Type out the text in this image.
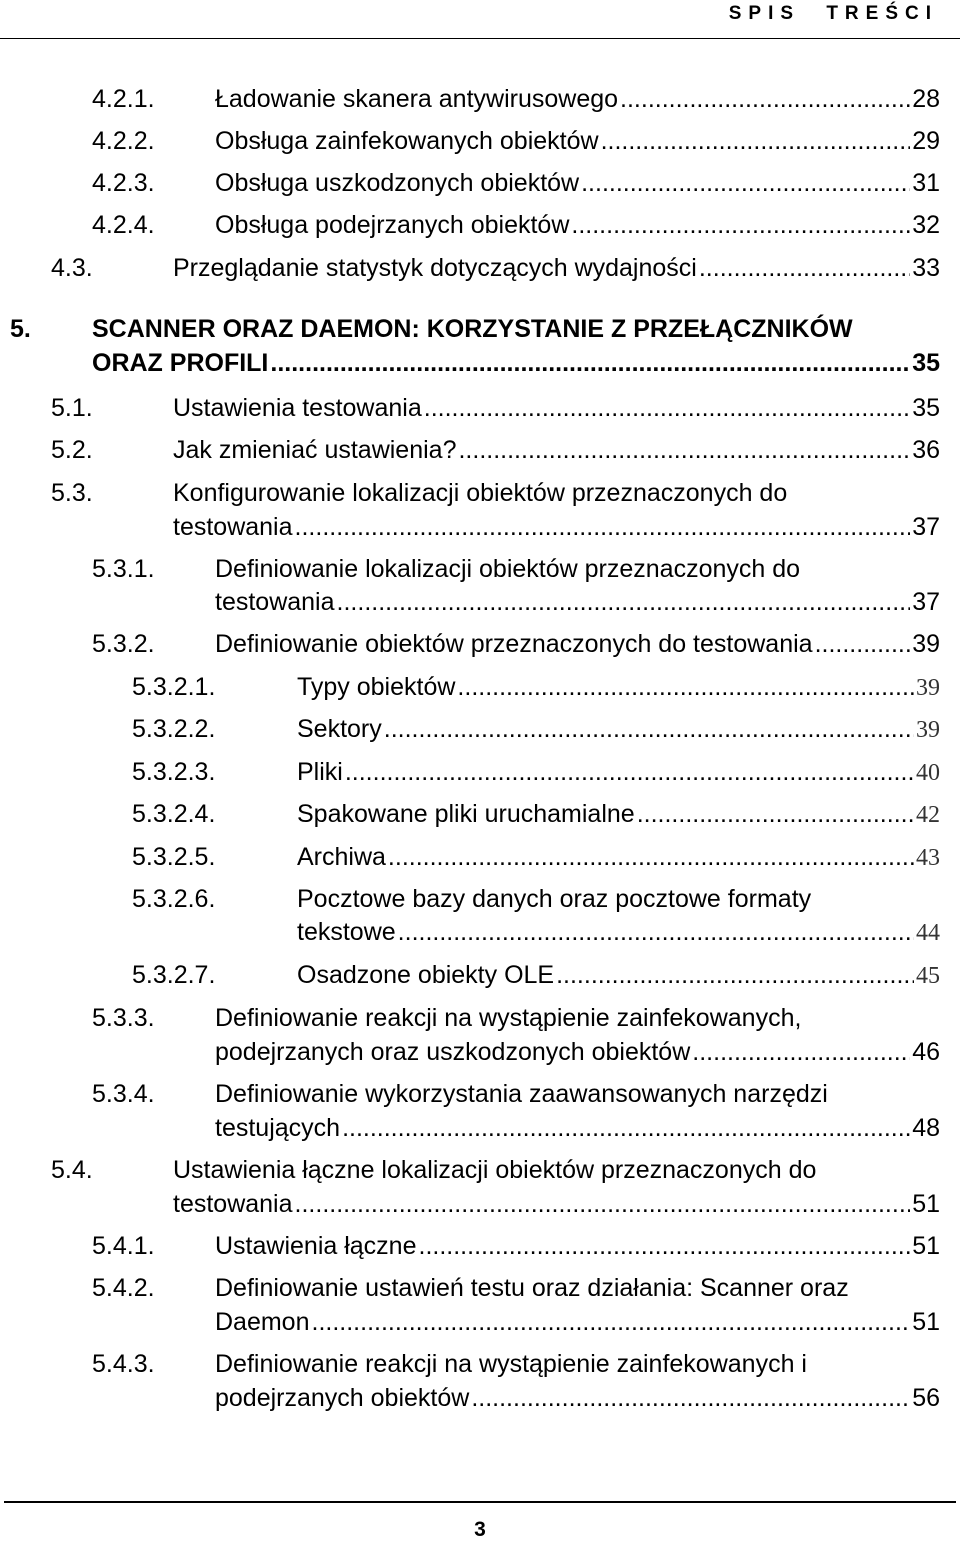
SPIS TREŚCI
4.2.1. Ładowanie skanera antywirusowego .....	28
4.2.2. Obsługa zainfekowanych obiektów .....	29
4.2.3. Obsługa uszkodzonych obiektów .....	31
4.2.4. Obsługa podejrzanych obiektów .....	32
4.3.	Przeglądanie statystyk dotyczących wydajności .....	33
5. SCANNER ORAZ DAEMON: KORZYSTANIE Z PRZEŁĄCZNIKÓW
ORAZ PROFILI .....	35
5.1.	Ustawienia testowania .....	35
5.2.	Jak zmieniać ustawienia? .....	36
5.3.	Konfigurowanie lokalizacji obiektów przeznaczonych do
testowania .....	37
5.3.1. Definiowanie lokalizacji obiektów przeznaczonych do
testowania .....	37
5.3.2. Definiowanie obiektów przeznaczonych do testowania .....	39
5.3.2.1.	Typy obiektów .....	39
5.3.2.2.	Sektory .....	39
5.3.2.3.	Pliki .....	40
5.3.2.4.	Spakowane pliki uruchamialne .....	42
5.3.2.5.	Archiwa .....	43
5.3.2.6.	Pocztowe bazy danych oraz pocztowe formaty
tekstowe .....	44
5.3.2.7.	Osadzone obiekty OLE .....	45
5.3.3. Definiowanie reakcji na wystąpienie zainfekowanych,
podejrzanych oraz uszkodzonych obiektów .....	46
5.3.4. Definiowanie wykorzystania zaawansowanych narzędzi
testujących .....	48
5.4.	Ustawienia łączne lokalizacji obiektów przeznaczonych do
testowania .....	51
5.4.1. Ustawienia łączne .....	51
5.4.2. Definiowanie ustawień testu oraz działania: Scanner oraz
Daemon .....	51
5.4.3. Definiowanie reakcji na wystąpienie zainfekowanych i
podejrzanych obiektów .....	56
3
